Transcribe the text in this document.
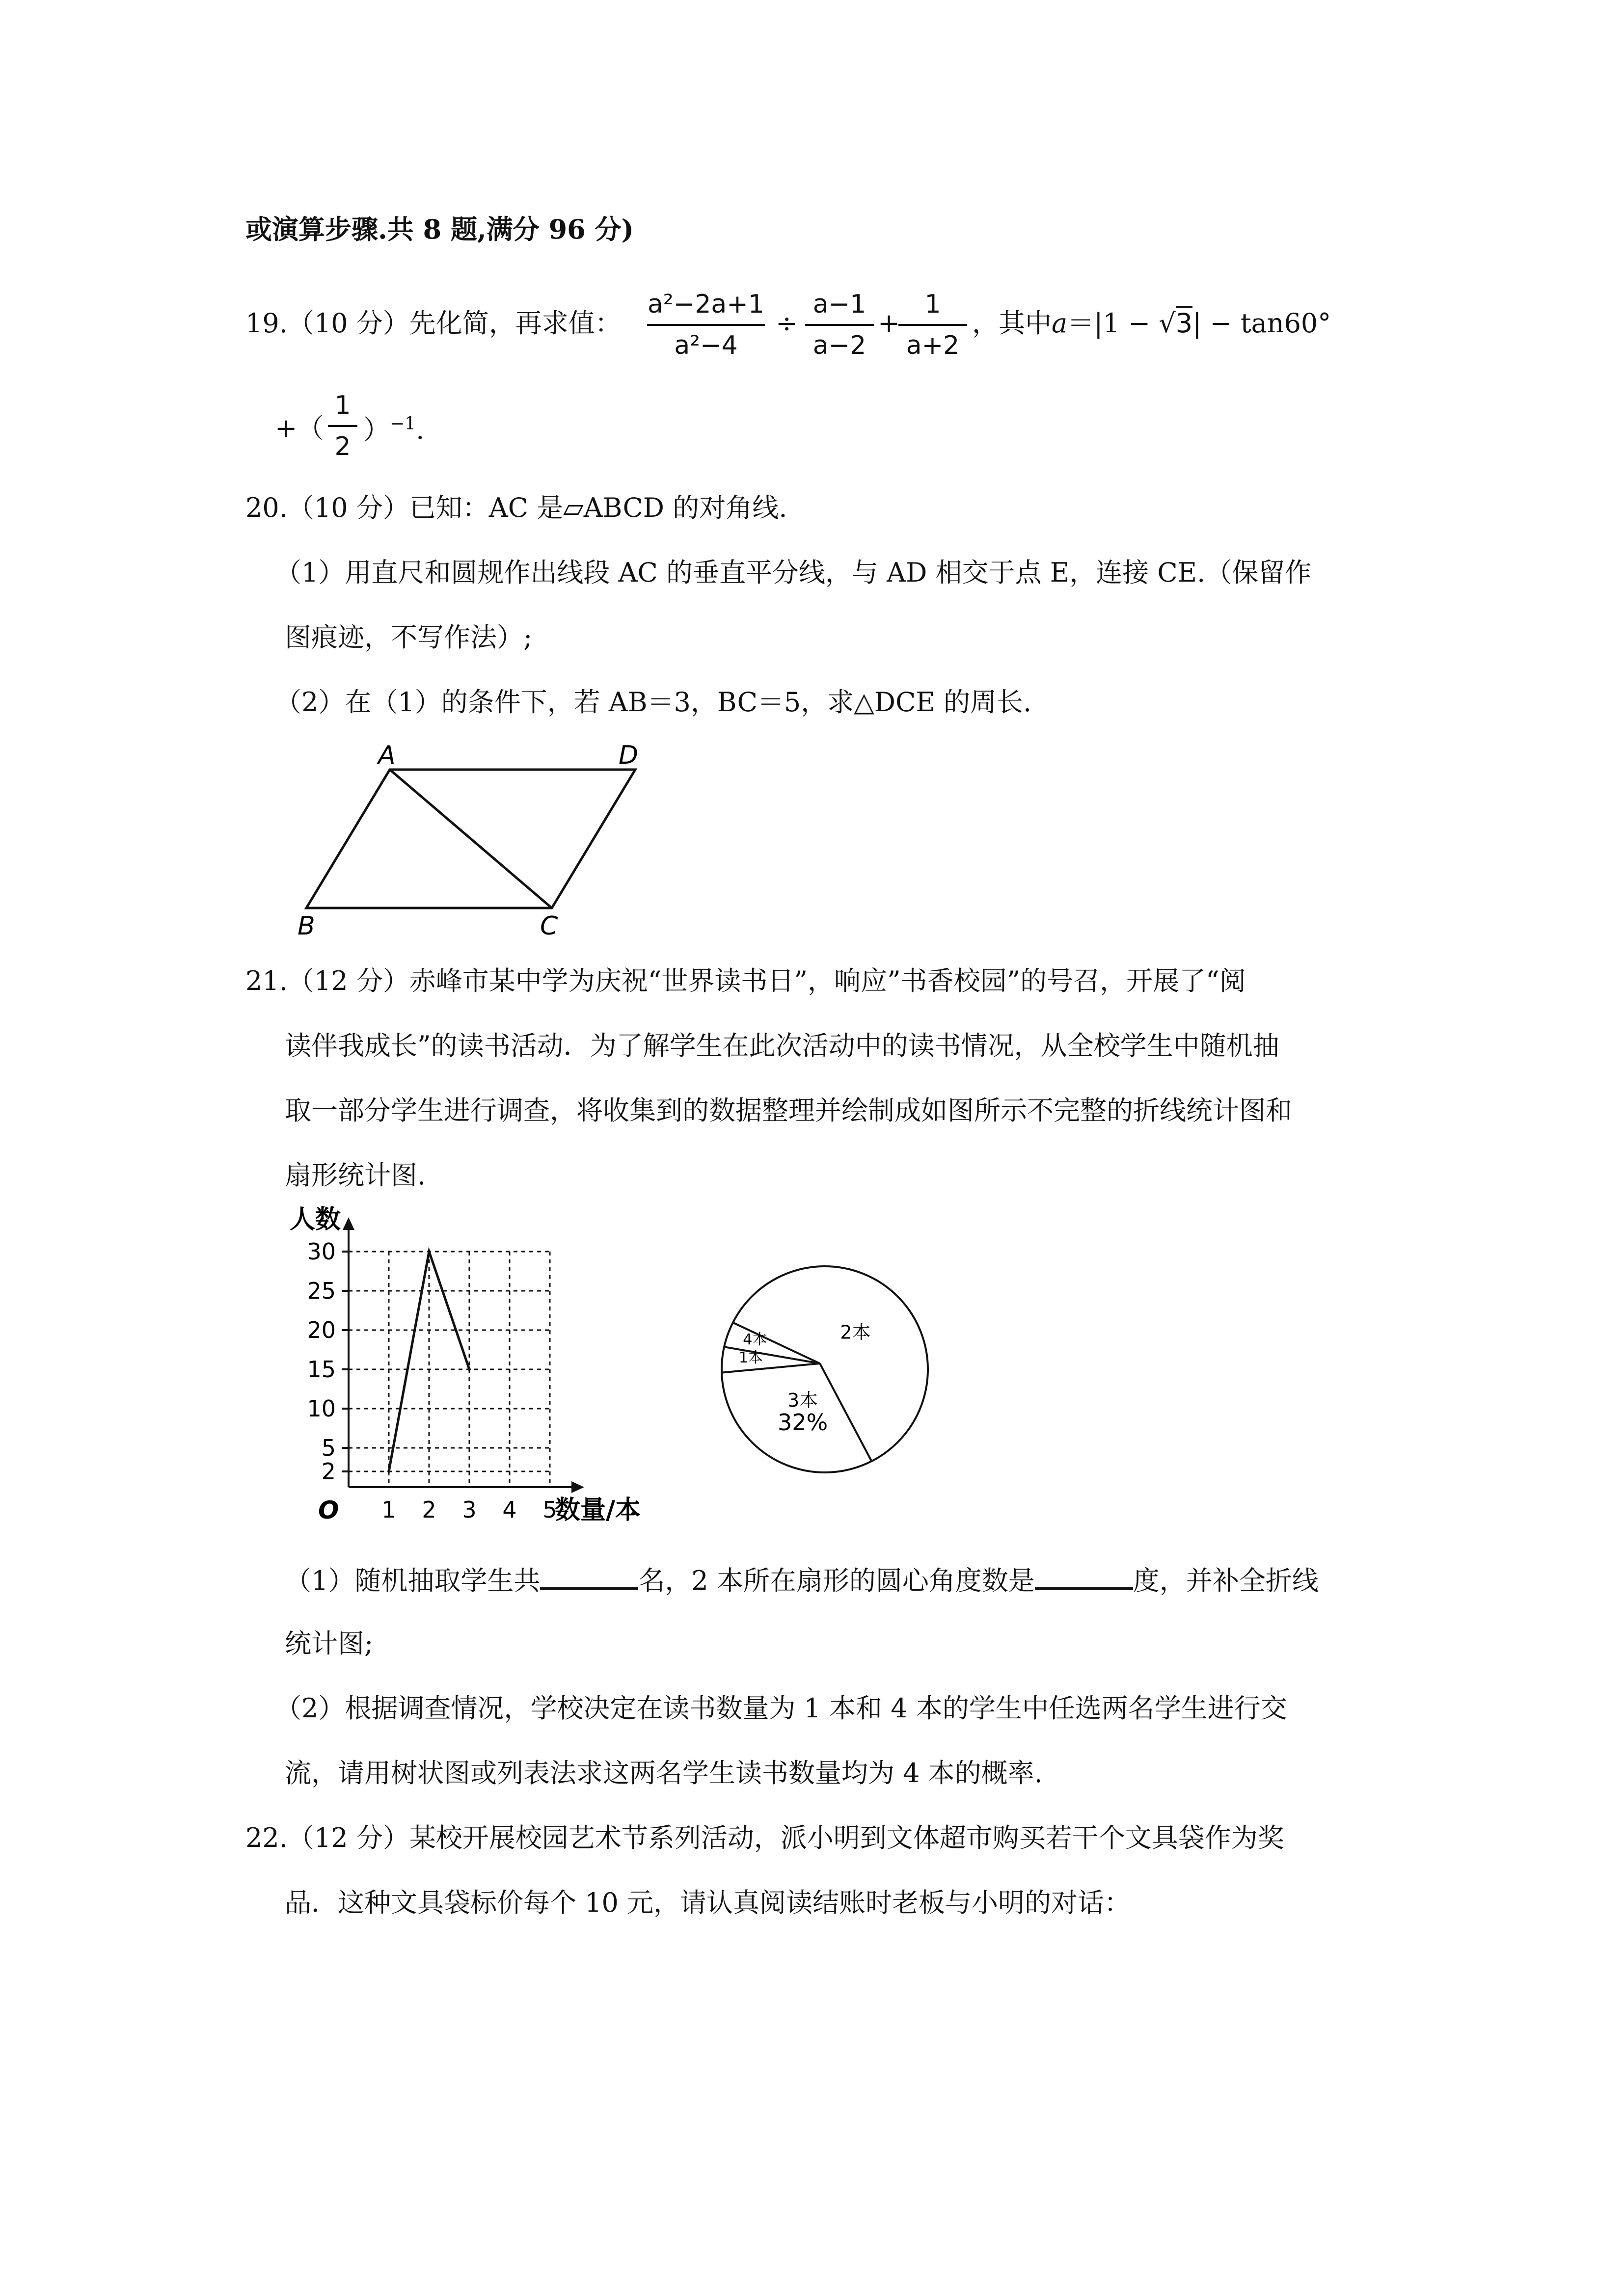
或演算步骤.共 8 题,满分 96 分)
19.（10 分）先化简，再求值：
a²−2a+1
a²−4
÷
a−1
a−2
+
1
a+2
，其中a＝|1 − √3| − tan60°
+（
1
2
）$^{-1}$.
20.（10 分）已知：AC 是▱ABCD 的对角线.
（1）用直尺和圆规作出线段 AC 的垂直平分线，与 AD 相交于点 E，连接 CE.（保留作
图痕迹，不写作法）;
（2）在（1）的条件下，若 AB＝3，BC＝5，求△DCE 的周长.
A	D
B	C
21.（12 分）赤峰市某中学为庆祝“世界读书日”，响应”书香校园”的号召，开展了“阅
读伴我成长”的读书活动．为了解学生在此次活动中的读书情况，从全校学生中随机抽
取一部分学生进行调查，将收集到的数据整理并绘制成如图所示不完整的折线统计图和
扇形统计图.
2
5
10
15
20
25
30
1 2 3 4 5
人数
数量/本
O
2本
3本
32%
1本
4本
（1）随机抽取学生共	名，2 本所在扇形的圆心角度数是	度，并补全折线
统计图;
（2）根据调查情况，学校决定在读书数量为 1 本和 4 本的学生中任选两名学生进行交
流，请用树状图或列表法求这两名学生读书数量均为 4 本的概率.
22.（12 分）某校开展校园艺术节系列活动，派小明到文体超市购买若干个文具袋作为奖
品．这种文具袋标价每个 10 元，请认真阅读结账时老板与小明的对话：
